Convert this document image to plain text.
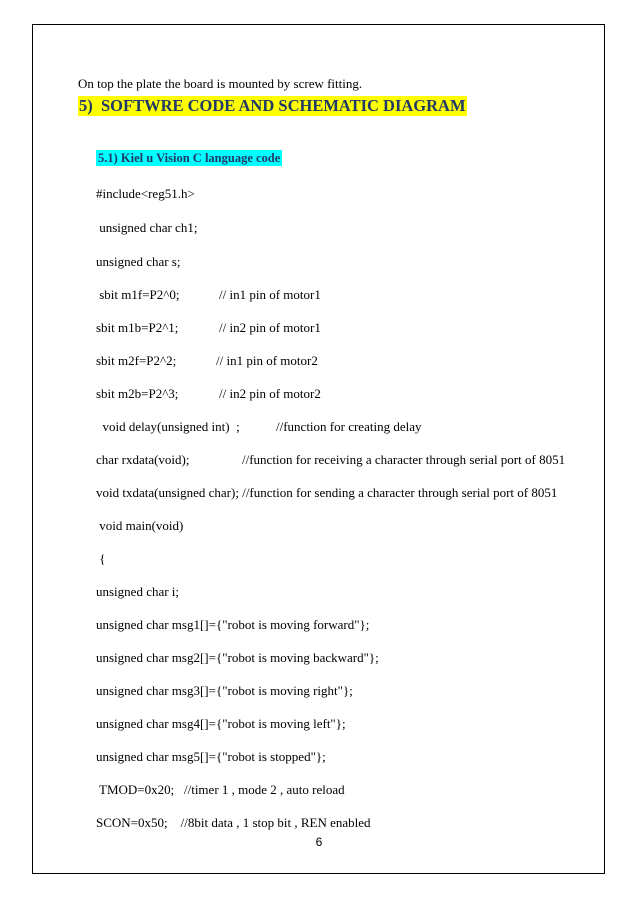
On top the plate the board is mounted by screw fitting.
5)  SOFTWRE CODE AND SCHEMATIC DIAGRAM
5.1) Kiel u Vision C language code
#include<reg51.h>
unsigned char ch1;
unsigned char s;
sbit m1f=P2^0;	// in1 pin of motor1
sbit m1b=P2^1;	// in2 pin of motor1
sbit m2f=P2^2;	// in1 pin of motor2
sbit m2b=P2^3;	// in2 pin of motor2
void delay(unsigned int)  ;	//function for creating delay
char rxdata(void);	//function for receiving a character through serial port of 8051
void txdata(unsigned char); //function for sending a character through serial port of 8051
void main(void)
{
unsigned char i;
unsigned char msg1[]={"robot is moving forward"};
unsigned char msg2[]={"robot is moving backward"};
unsigned char msg3[]={"robot is moving right"};
unsigned char msg4[]={"robot is moving left"};
unsigned char msg5[]={"robot is stopped"};
TMOD=0x20;   //timer 1 , mode 2 , auto reload
SCON=0x50;    //8bit data , 1 stop bit , REN enabled
6
